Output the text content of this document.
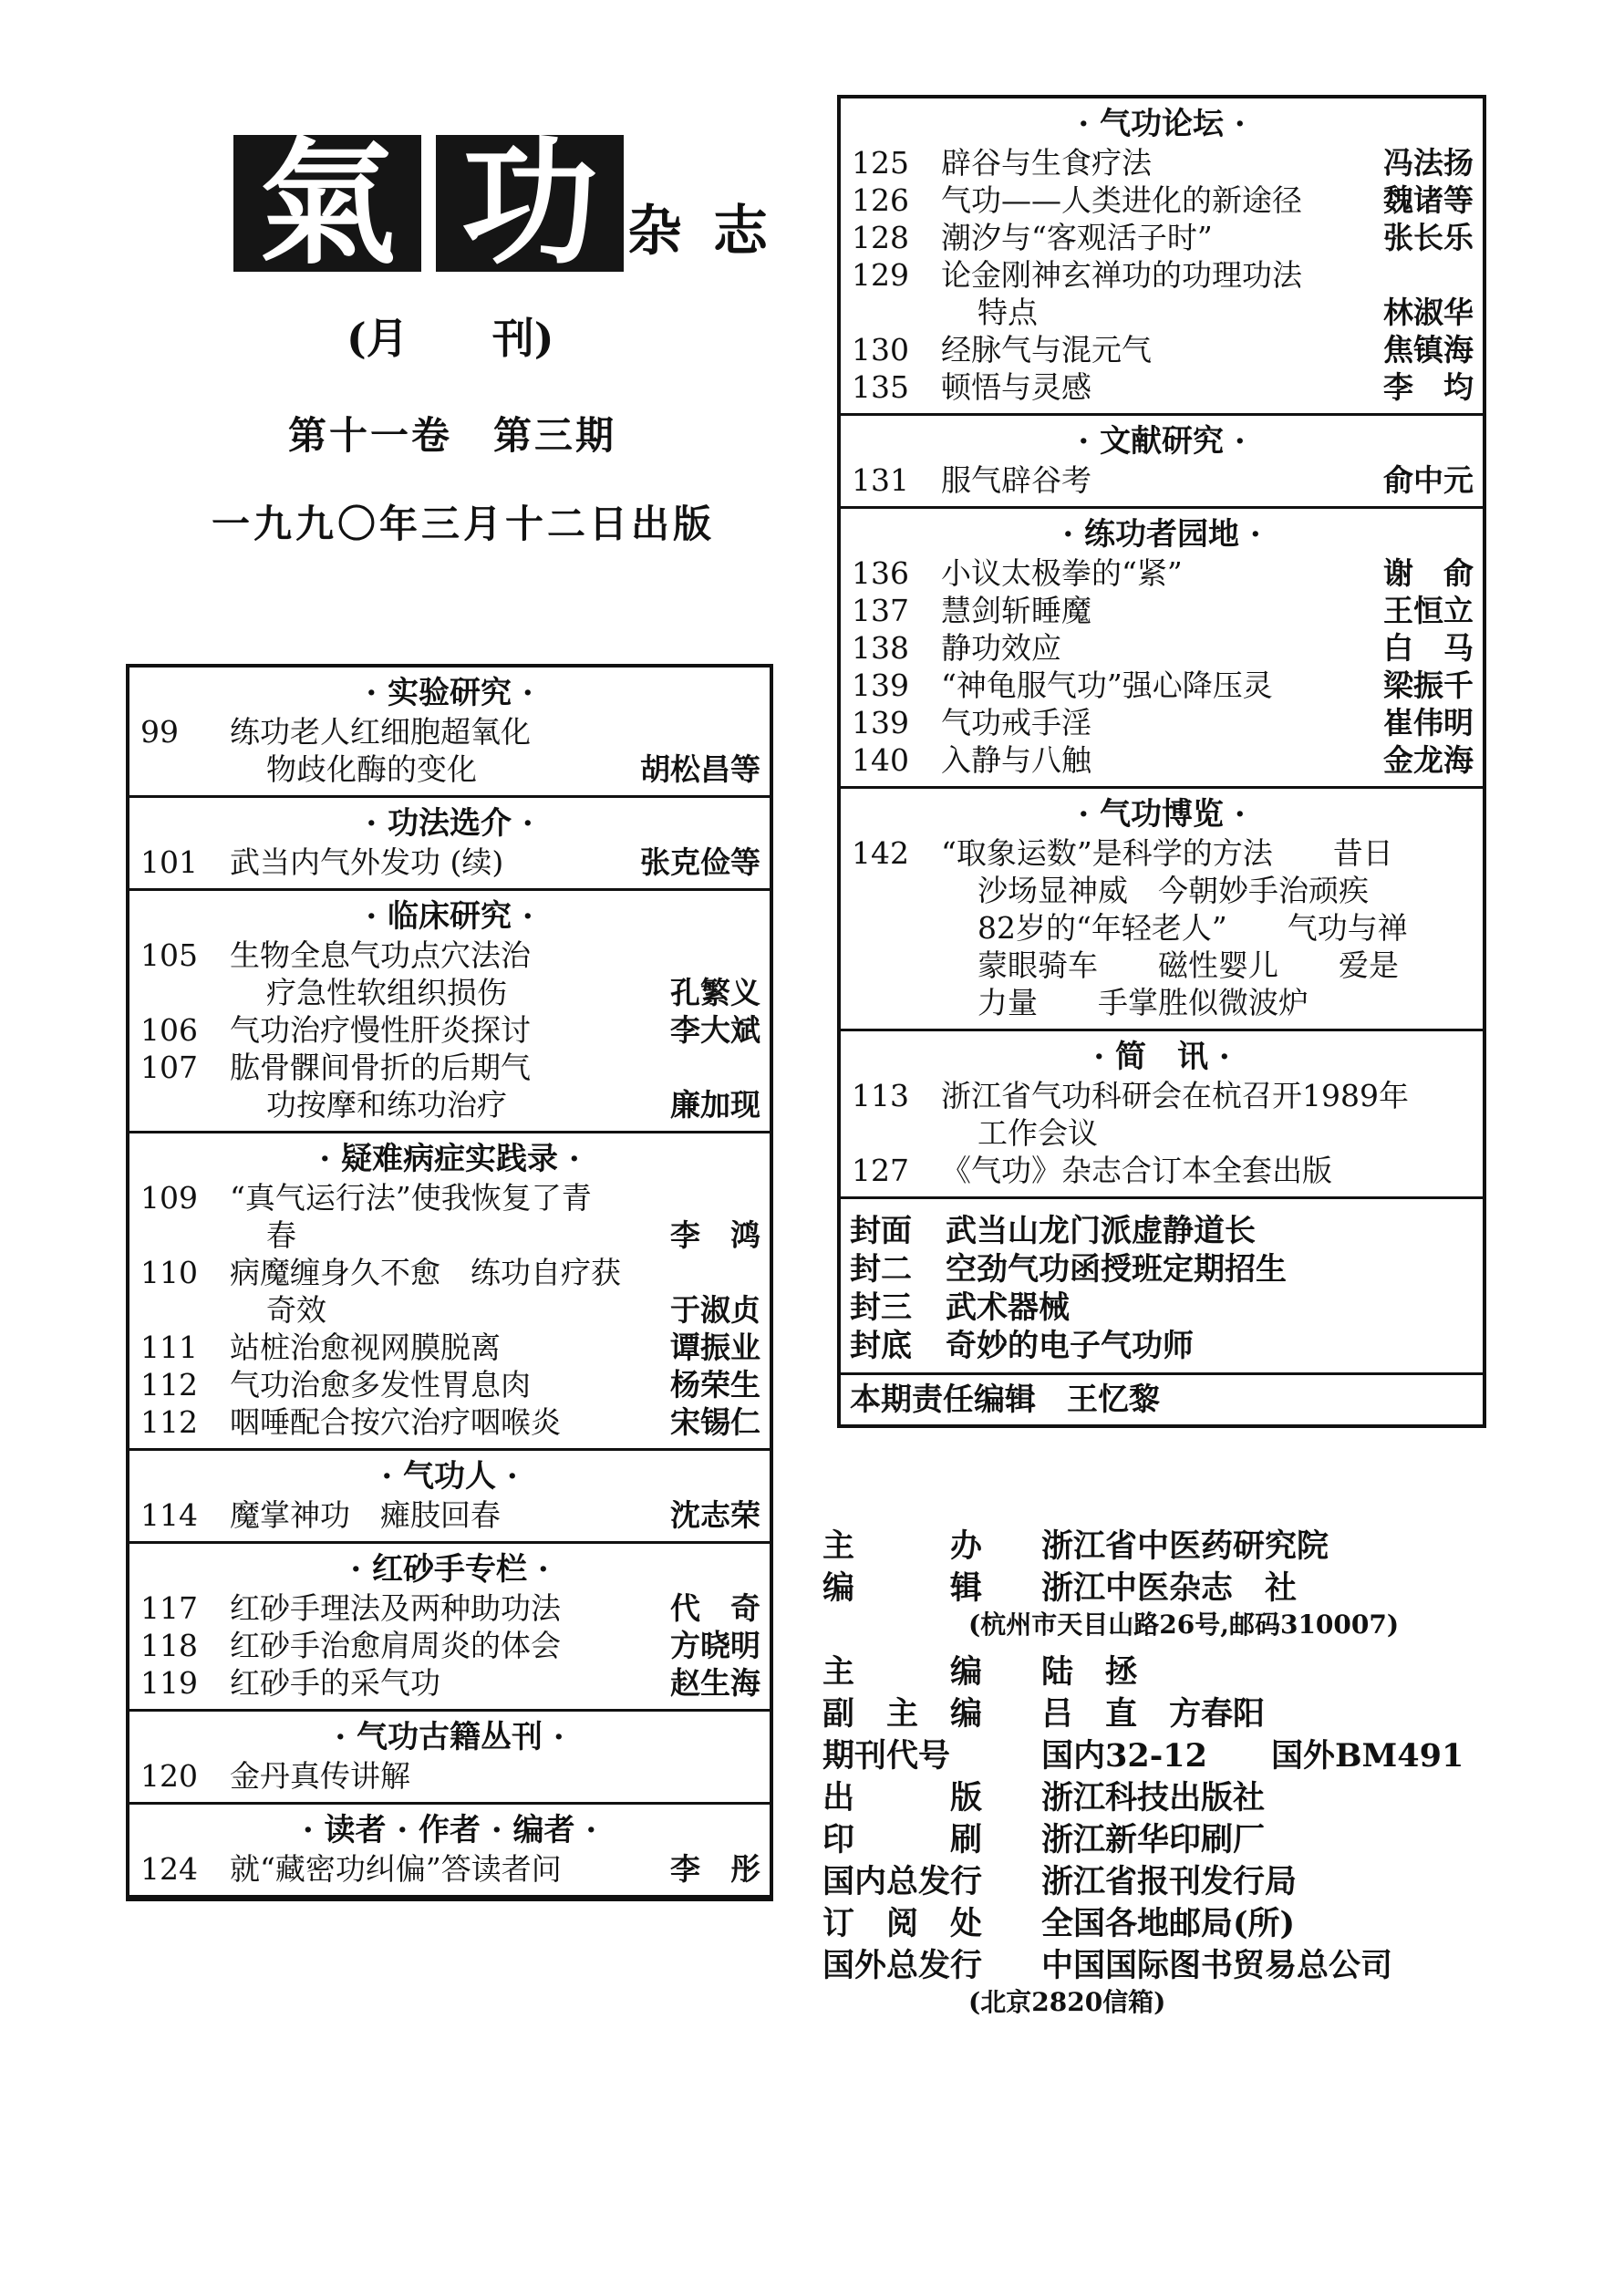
氣 功 杂志
(月　　刊)
第十一卷　第三期
一九九〇年三月十二日出版
· 实验研究 ·
99 练功老人红细胞超氧化
物歧化酶的变化	胡松昌等
· 功法选介 ·
101 武当内气外发功 (续)	张克俭等
· 临床研究 ·
105 生物全息气功点穴法治
疗急性软组织损伤	孔繁义
106 气功治疗慢性肝炎探讨	李大斌
107 肱骨髁间骨折的后期气
功按摩和练功治疗	廉加现
· 疑难病症实践录 ·
109 “真气运行法”使我恢复了青
春	李　鸿
110 病魔缠身久不愈　练功自疗获
奇效	于淑贞
111 站桩治愈视网膜脱离	谭振业
112 气功治愈多发性胃息肉	杨荣生
112 咽唾配合按穴治疗咽喉炎	宋锡仁
· 气功人 ·
114 魔掌神功　瘫肢回春	沈志荣
· 红砂手专栏 ·
117 红砂手理法及两种助功法	代　奇
118 红砂手治愈肩周炎的体会	方晓明
119 红砂手的采气功	赵生海
· 气功古籍丛刊 ·
120 金丹真传讲解
· 读者 · 作者 · 编者 ·
124 就“藏密功纠偏”答读者问	李　彤
· 气功论坛 ·
125 辟谷与生食疗法	冯法扬
126 气功——人类进化的新途径	魏诸等
128 潮汐与“客观活子时”	张长乐
129 论金刚神玄禅功的功理功法
特点	林淑华
130 经脉气与混元气	焦镇海
135 顿悟与灵感	李　均
· 文献研究 ·
131 服气辟谷考	俞中元
· 练功者园地 ·
136 小议太极拳的“紧”	谢　俞
137 慧剑斩睡魔	王恒立
138 静功效应	白　马
139 “神龟服气功”强心降压灵	梁振千
139 气功戒手淫	崔伟明
140 入静与八触	金龙海
· 气功博览 ·
142 “取象运数”是科学的方法　　昔日
沙场显神威　今朝妙手治顽疾
82岁的“年轻老人”　　气功与禅
蒙眼骑车　　磁性婴儿　　爱是
力量　　手掌胜似微波炉
· 简　讯 ·
113 浙江省气功科研会在杭召开1989年
工作会议
127 《气功》杂志合订本全套出版
封面 武当山龙门派虚静道长
封二 空劲气功函授班定期招生
封三 武术器械
封底 奇妙的电子气功师
本期责任编辑　王忆黎
主　　　办 浙江省中医药研究院
编　　　辑 浙江中医杂志　社
(杭州市天目山路26号,邮码310007)
主　　　编 陆　拯
副　主　编 吕　直　方春阳
期刊代号	国内32-12　　国外BM491
出　　　版 浙江科技出版社
印　　　刷 浙江新华印刷厂
国内总发行 浙江省报刊发行局
订　阅　处 全国各地邮局(所)
国外总发行 中国国际图书贸易总公司
(北京2820信箱)
